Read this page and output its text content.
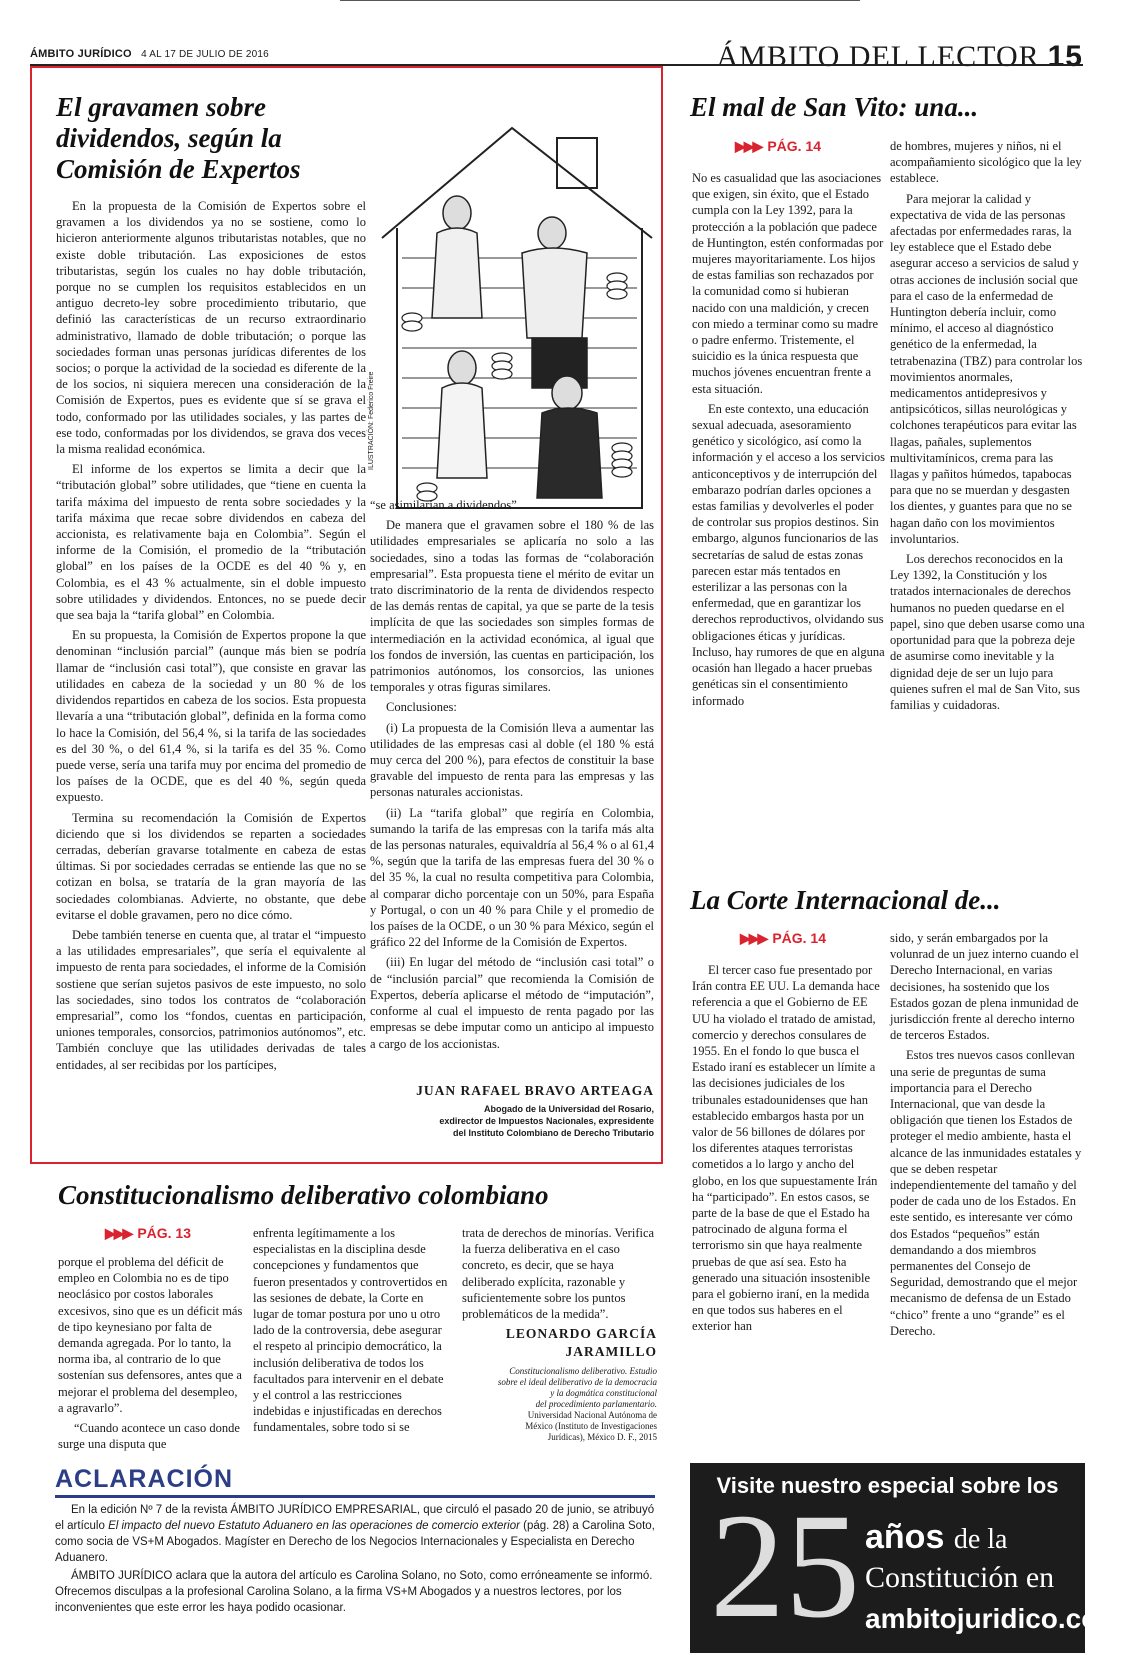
ÁMBITO JURÍDICO 4 AL 17 DE JULIO DE 2016	ÁMBITO DEL LECTOR 15
El gravamen sobre
dividendos, según la
Comisión de Expertos
ILUSTRACIÓN: Federico Freire

En la propuesta de la Comisión de Expertos sobre el gravamen a los dividendos ya no se sostiene, como lo hicieron anteriormente algunos tributaristas notables, que no existe doble tributación. Las exposiciones de estos tributaristas, según los cuales no hay doble tributación, porque no se cumplen los requisitos establecidos en un antiguo decreto-ley sobre procedimiento tributario, que definió las características de un recurso extraordinario administrativo, llamado de doble tributación; o porque las sociedades forman unas personas jurídicas diferentes de los socios; o porque la actividad de la sociedad es diferente de la de los socios, ni siquiera merecen una consideración de la Comisión de Expertos, pues es evidente que sí se grava el todo, conformado por las utilidades sociales, y las partes de ese todo, conformadas por los dividendos, se grava dos veces la misma realidad económica.

El informe de los expertos se limita a decir que la “tributación global” sobre utilidades, que “tiene en cuenta la tarifa máxima del impuesto de renta sobre sociedades y la tarifa máxima que recae sobre dividendos en cabeza del accionista, es relativamente baja en Colombia”. Según el informe de la Comisión, el promedio de la “tributación global” en los países de la OCDE es del 40 % y, en Colombia, es el 43 % actualmente, sin el doble impuesto sobre utilidades y dividendos. Entonces, no se puede decir que sea baja la “tarifa global” en Colombia.

En su propuesta, la Comisión de Expertos propone la que denominan “inclusión parcial” (aunque más bien se podría llamar de “inclusión casi total”), que consiste en gravar las utilidades en cabeza de la sociedad y un 80 % de los dividendos repartidos en cabeza de los socios. Esta propuesta llevaría a una “tributación global”, definida en la forma como lo hace la Comisión, del 56,4 %, si la tarifa de las sociedades es del 30 %, o del 61,4 %, si la tarifa es del 35 %. Como puede verse, sería una tarifa muy por encima del promedio de los países de la OCDE, que es del 40 %, según queda expuesto.

Termina su recomendación la Comisión de Expertos diciendo que si los dividendos se reparten a sociedades cerradas, deberían gravarse totalmente en cabeza de estas últimas. Si por sociedades cerradas se entiende las que no se cotizan en bolsa, se trataría de la gran mayoría de las sociedades colombianas. Advierte, no obstante, que debe evitarse el doble gravamen, pero no dice cómo.

Debe también tenerse en cuenta que, al tratar el “impuesto a las utilidades empresariales”, que sería el equivalente al impuesto de renta para sociedades, el informe de la Comisión sostiene que serían sujetos pasivos de este impuesto, no solo las sociedades, sino todos los contratos de “colaboración empresarial”, como los “fondos, cuentas en participación, uniones temporales, consorcios, patrimonios autónomos”, etc. También concluye que las utilidades derivadas de tales entidades, al ser recibidas por los partícipes,

“se asimilarían a dividendos”.

De manera que el gravamen sobre el 180 % de las utilidades empresariales se aplicaría no solo a las sociedades, sino a todas las formas de “colaboración empresarial”. Esta propuesta tiene el mérito de evitar un trato discriminatorio de la renta de dividendos respecto de las demás rentas de capital, ya que se parte de la tesis implícita de que las sociedades son simples formas de intermediación en la actividad económica, al igual que los fondos de inversión, las cuentas en participación, los patrimonios autónomos, los consorcios, las uniones temporales y otras figuras similares.

Conclusiones:

(i) La propuesta de la Comisión lleva a aumentar las utilidades de las empresas casi al doble (el 180 % está muy cerca del 200 %), para efectos de constituir la base gravable del impuesto de renta para las empresas y las personas naturales accionistas.

(ii) La “tarifa global” que regiría en Colombia, sumando la tarifa de las empresas con la tarifa más alta de las personas naturales, equivaldría al 56,4 % o al 61,4 %, según que la tarifa de las empresas fuera del 30 % o del 35 %, la cual no resulta competitiva para Colombia, al comparar dicho porcentaje con un 50%, para España y Portugal, o con un 40 % para Chile y el promedio de los países de la OCDE, o un 30 % para México, según el gráfico 22 del Informe de la Comisión de Expertos.

(iii) En lugar del método de “inclusión casi total” o de “inclusión parcial” que recomienda la Comisión de Expertos, debería aplicarse el método de “imputación”, conforme al cual el impuesto de renta pagado por las empresas se debe imputar como un anticipo al impuesto a cargo de los accionistas.

JUAN RAFAEL BRAVO ARTEAGA
Abogado de la Universidad del Rosario,
exdirector de Impuestos Nacionales, expresidente
del Instituto Colombiano de Derecho Tributario
El mal de San Vito: una...
▶▶▶ PÁG. 14

No es casualidad que las asociaciones que exigen, sin éxito, que el Estado cumpla con la Ley 1392, para la protección a la población que padece de Huntington, estén conformadas por mujeres mayoritariamente. Los hijos de estas familias son rechazados por la comunidad como si hubieran nacido con una maldición, y crecen con miedo a terminar como su madre o padre enfermo. Tristemente, el suicidio es la única respuesta que muchos jóvenes encuentran frente a esta situación.

En este contexto, una educación sexual adecuada, asesoramiento genético y sicológico, así como la información y el acceso a los servicios anticonceptivos y de interrupción del embarazo podrían darles opciones a estas familias y devolverles el poder de controlar sus propios destinos. Sin embargo, algunos funcionarios de las secretarías de salud de estas zonas parecen estar más tentados en esterilizar a las personas con la enfermedad, que en garantizar los derechos reproductivos, olvidando sus obligaciones éticas y jurídicas. Incluso, hay rumores de que en alguna ocasión han llegado a hacer pruebas genéticas sin el consentimiento informado

de hombres, mujeres y niños, ni el acompañamiento sicológico que la ley establece.

Para mejorar la calidad y expectativa de vida de las personas afectadas por enfermedades raras, la ley establece que el Estado debe asegurar acceso a servicios de salud y otras acciones de inclusión social que para el caso de la enfermedad de Huntington debería incluir, como mínimo, el acceso al diagnóstico genético de la enfermedad, la tetrabenazina (TBZ) para controlar los movimientos anormales, medicamentos antidepresivos y antipsicóticos, sillas neurológicas y colchones terapéuticos para evitar las llagas, pañales, suplementos multivitamínicos, crema para las llagas y pañitos húmedos, tapabocas para que no se muerdan y desgasten los dientes, y guantes para que no se hagan daño con los movimientos involuntarios.

Los derechos reconocidos en la Ley 1392, la Constitución y los tratados internacionales de derechos humanos no pueden quedarse en el papel, sino que deben usarse como una oportunidad para que la pobreza deje de asumirse como inevitable y la dignidad deje de ser un lujo para quienes sufren el mal de San Vito, sus familias y cuidadoras.

La Corte Internacional de...
▶▶▶ PÁG. 14

El tercer caso fue presentado por Irán contra EE UU. La demanda hace referencia a que el Gobierno de EE UU ha violado el tratado de amistad, comercio y derechos consulares de 1955. En el fondo lo que busca el Estado iraní es establecer un límite a las decisiones judiciales de los tribunales estadounidenses que han establecido embargos hasta por un valor de 56 billones de dólares por los diferentes ataques terroristas cometidos a lo largo y ancho del globo, en los que supuestamente Irán ha “participado”. En estos casos, se parte de la base de que el Estado ha patrocinado de alguna forma el terrorismo sin que haya realmente pruebas de que así sea. Esto ha generado una situación insostenible para el gobierno iraní, en la medida en que todos sus haberes en el exterior han

sido, y serán embargados por la volunrad de un juez interno cuando el Derecho Internacional, en varias decisiones, ha sostenido que los Estados gozan de plena inmunidad de jurisdicción frente al derecho interno de terceros Estados.

Estos tres nuevos casos conllevan una serie de preguntas de suma importancia para el Derecho Internacional, que van desde la obligación que tienen los Estados de proteger el medio ambiente, hasta el alcance de las inmunidades estatales y que se deben respetar independientemente del tamaño y del poder de cada uno de los Estados. En este sentido, es interesante ver cómo dos Estados “pequeños” están demandando a dos miembros permanentes del Consejo de Seguridad, demostrando que el mejor mecanismo de defensa de un Estado “chico” frente a uno “grande” es el Derecho.

Constitucionalismo deliberativo colombiano
▶▶▶ PÁG. 13

porque el problema del déficit de empleo en Colombia no es de tipo neoclásico por costos laborales excesivos, sino que es un déficit más de tipo keynesiano por falta de demanda agregada. Por lo tanto, la norma iba, al contrario de lo que sostenían sus defensores, antes que a mejorar el problema del desempleo, a agravarlo”.

“Cuando acontece un caso donde surge una disputa que

enfrenta legítimamente a los especialistas en la disciplina desde concepciones y fundamentos que fueron presentados y controvertidos en las sesiones de debate, la Corte en lugar de tomar postura por uno u otro lado de la controversia, debe asegurar el respeto al principio democrático, la inclusión deliberativa de todos los facultados para intervenir en el debate y el control a las restricciones indebidas e injustificadas en derechos fundamentales, sobre todo si se

trata de derechos de minorías. Verifica la fuerza deliberativa en el caso concreto, es decir, que se haya deliberado explícita, razonable y suficientemente sobre los puntos problemáticos de la medida”.

LEONARDO GARCÍA
JARAMILLO
Constitucionalismo deliberativo. Estudio
sobre el ideal deliberativo de la democracia
y la dogmática constitucional
del procedimiento parlamentario.
Universidad Nacional Autónoma de
México (Instituto de Investigaciones
Jurídicas), México D. F., 2015
ACLARACIÓN

En la edición Nº 7 de la revista ÁMBITO JURÍDICO EMPRESARIAL, que circuló el pasado 20 de junio, se atribuyó el artículo El impacto del nuevo Estatuto Aduanero en las operaciones de comercio exterior (pág. 28) a Carolina Soto, como socia de VS+M Abogados. Magíster en Derecho de los Negocios Internacionales y Especialista en Derecho Aduanero.

ÁMBITO JURÍDICO aclara que la autora del artículo es Carolina Solano, no Soto, como erróneamente se informó. Ofrecemos disculpas a la profesional Carolina Solano, a la firma VS+M Abogados y a nuestros lectores, por los inconvenientes que este error les haya podido ocasionar.

Visite nuestro especial sobre los
25 años de la
Constitución en
ambitojuridico.com
